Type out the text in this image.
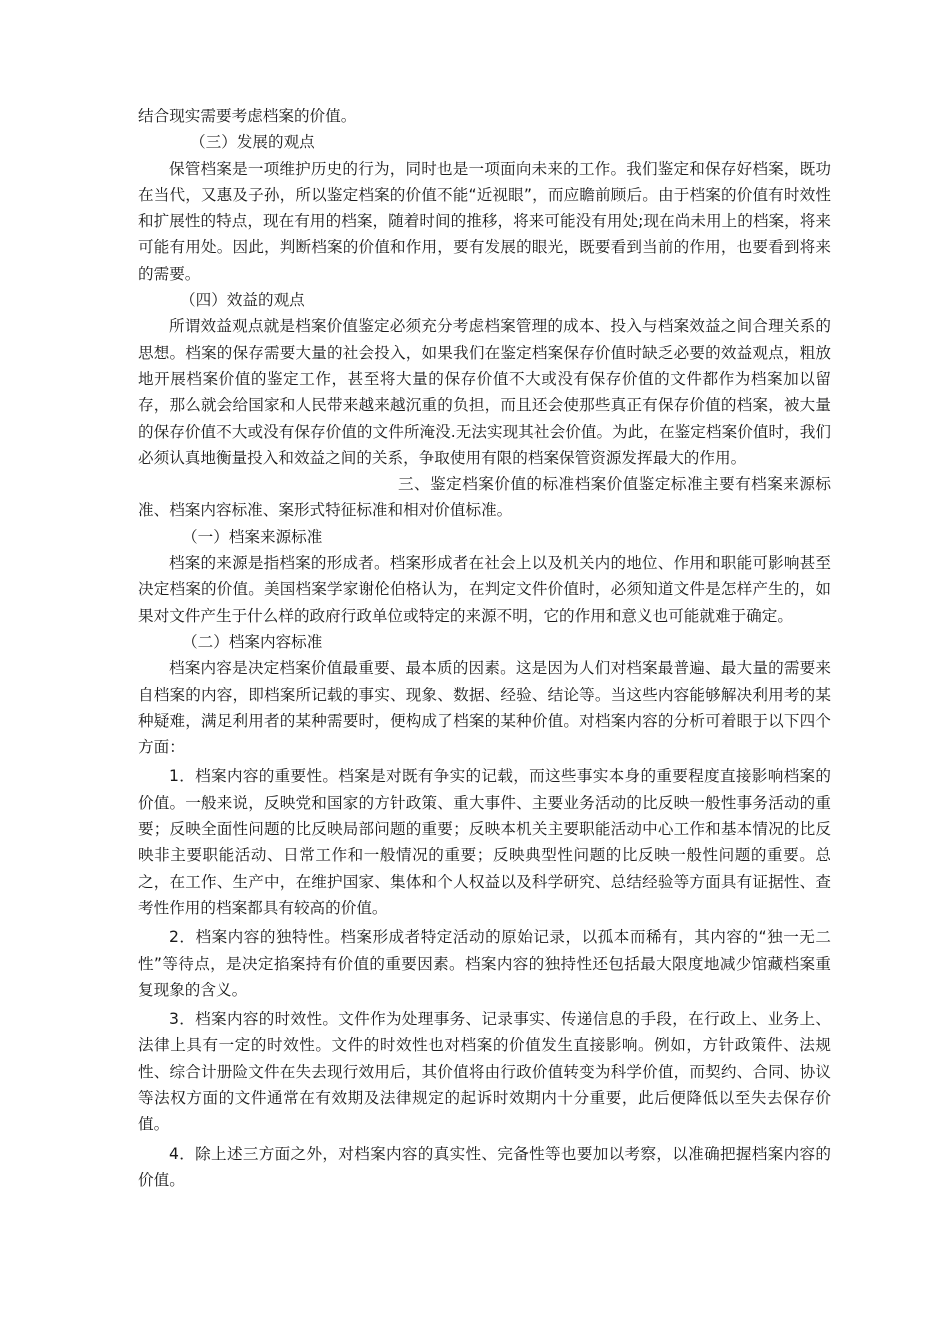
结合现实需要考虑档案的价值。

（三）发展的观点

保管档案是一项维护历史的行为，同时也是一项面向未来的工作。我们鉴定和保存好档案，既功在当代，又惠及子孙，所以鉴定档案的价值不能“近视眼”，而应瞻前顾后。由于档案的价值有时效性和扩展性的特点，现在有用的档案，随着时间的推移，将来可能没有用处;现在尚未用上的档案，将来可能有用处。因此，判断档案的价值和作用，要有发展的眼光，既要看到当前的作用，也要看到将来的需要。

（四）效益的观点

所谓效益观点就是档案价值鉴定必须充分考虑档案管理的成本、投入与档案效益之间合理关系的思想。档案的保存需要大量的社会投入，如果我们在鉴定档案保存价值时缺乏必要的效益观点，粗放地开展档案价值的鉴定工作，甚至将大量的保存价值不大或没有保存价值的文件都作为档案加以留存，那么就会给国家和人民带来越来越沉重的负担，而且还会使那些真正有保存价值的档案，被大量的保存价值不大或没有保存价值的文件所淹没.无法实现其社会价值。为此，在鉴定档案价值时，我们必须认真地衡量投入和效益之间的关系，争取使用有限的档案保管资源发挥最大的作用。

三、鉴定档案价值的标准档案价值鉴定标准主要有档案来源标准、档案内容标准、案形式特征标准和相对价值标准。

（一）档案来源标准

档案的来源是指档案的形成者。档案形成者在社会上以及机关内的地位、作用和职能可影响甚至决定档案的价值。美国档案学家谢伦伯格认为，在判定文件价值时，必须知道文件是怎样产生的，如果对文件产生于什么样的政府行政单位或特定的来源不明，它的作用和意义也可能就难于确定。

（二）档案内容标准

档案内容是决定档案价值最重要、最本质的因素。这是因为人们对档案最普遍、最大量的需要来自档案的内容，即档案所记载的事实、现象、数据、经验、结论等。当这些内容能够解决利用考的某种疑难，满足利用者的某种需要时，便构成了档案的某种价值。对档案内容的分析可着眼于以下四个方面：

1．档案内容的重要性。档案是对既有争实的记载，而这些事实本身的重要程度直接影响档案的价值。一般来说，反映党和国家的方针政策、重大事件、主要业务活动的比反映一般性事务活动的重要；反映全面性问题的比反映局部问题的重要；反映本机关主要职能活动中心工作和基本情况的比反映非主要职能活动、日常工作和一般情况的重要；反映典型性问题的比反映一般性问题的重要。总之，在工作、生产中，在维护国家、集体和个人权益以及科学研究、总结经验等方面具有证据性、查考性作用的档案都具有较高的价值。

2．档案内容的独特性。档案形成者特定活动的原始记录，以孤本而稀有，其内容的“独一无二性”等待点，是决定掐案持有价值的重要因素。档案内容的独持性还包括最大限度地减少馆藏档案重复现象的含义。

3．档案内容的时效性。文件作为处理事务、记录事实、传递信息的手段，在行政上、业务上、法律上具有一定的时效性。文件的时效性也对档案的价值发生直接影响。例如，方针政策件、法规性、综合计册险文件在失去现行效用后，其价值将由行政价值转变为科学价值，而契约、合同、协议等法权方面的文件通常在有效期及法律规定的起诉时效期内十分重要，此后便降低以至失去保存价值。

4．除上述三方面之外，对档案内容的真实性、完备性等也要加以考察，以准确把握档案内容的价值。
